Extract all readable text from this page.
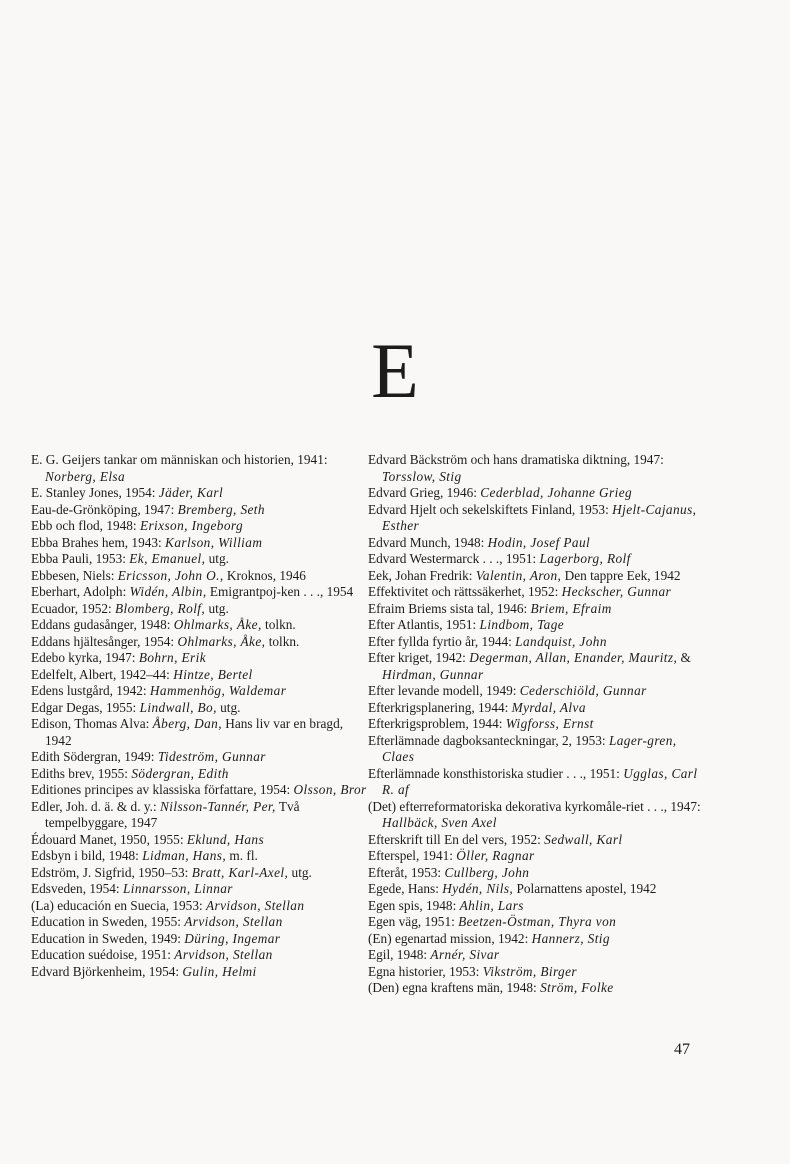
E

E. G. Geijers tankar om människan och historien, 1941: Norberg, Elsa

E. Stanley Jones, 1954: Jäder, Karl

Eau-de-Grönköping, 1947: Bremberg, Seth

Ebb och flod, 1948: Erixson, Ingeborg

Ebba Brahes hem, 1943: Karlson, William

Ebba Pauli, 1953: Ek, Emanuel, utg.

Ebbesen, Niels: Ericsson, John O., Kroknos, 1946

Eberhart, Adolph: Widén, Albin, Emigrantpoj-ken . . ., 1954

Ecuador, 1952: Blomberg, Rolf, utg.

Eddans gudasånger, 1948: Ohlmarks, Åke, tolkn.

Eddans hjältesånger, 1954: Ohlmarks, Åke, tolkn.

Edebo kyrka, 1947: Bohrn, Erik

Edelfelt, Albert, 1942–44: Hintze, Bertel

Edens lustgård, 1942: Hammenhög, Waldemar

Edgar Degas, 1955: Lindwall, Bo, utg.

Edison, Thomas Alva: Åberg, Dan, Hans liv var en bragd, 1942

Edith Södergran, 1949: Tideström, Gunnar

Ediths brev, 1955: Södergran, Edith

Editiones principes av klassiska författare, 1954: Olsson, Bror

Edler, Joh. d. ä. & d. y.: Nilsson-Tannér, Per, Två tempelbyggare, 1947

Édouard Manet, 1950, 1955: Eklund, Hans

Edsbyn i bild, 1948: Lidman, Hans, m. fl.

Edström, J. Sigfrid, 1950–53: Bratt, Karl-Axel, utg.

Edsveden, 1954: Linnarsson, Linnar

(La) educación en Suecia, 1953: Arvidson, Stellan

Education in Sweden, 1955: Arvidson, Stellan

Education in Sweden, 1949: Düring, Ingemar

Education suédoise, 1951: Arvidson, Stellan

Edvard Björkenheim, 1954: Gulin, Helmi

Edvard Bäckström och hans dramatiska diktning, 1947: Torsslow, Stig

Edvard Grieg, 1946: Cederblad, Johanne Grieg

Edvard Hjelt och sekelskiftets Finland, 1953: Hjelt-Cajanus, Esther

Edvard Munch, 1948: Hodin, Josef Paul

Edvard Westermarck . . ., 1951: Lagerborg, Rolf

Eek, Johan Fredrik: Valentin, Aron, Den tappre Eek, 1942

Effektivitet och rättssäkerhet, 1952: Heckscher, Gunnar

Efraim Briems sista tal, 1946: Briem, Efraim

Efter Atlantis, 1951: Lindbom, Tage

Efter fyllda fyrtio år, 1944: Landquist, John

Efter kriget, 1942: Degerman, Allan, Enander, Mauritz, & Hirdman, Gunnar

Efter levande modell, 1949: Cederschiöld, Gunnar

Efterkrigsplanering, 1944: Myrdal, Alva

Efterkrigsproblem, 1944: Wigforss, Ernst

Efterlämnade dagboksanteckningar, 2, 1953: Lager-gren, Claes

Efterlämnade konsthistoriska studier . . ., 1951: Ugglas, Carl R. af

(Det) efterreformatoriska dekorativa kyrkomåle-riet . . ., 1947: Hallbäck, Sven Axel

Efterskrift till En del vers, 1952: Sedwall, Karl

Efterspel, 1941: Öller, Ragnar

Efteråt, 1953: Cullberg, John

Egede, Hans: Hydén, Nils, Polarnattens apostel, 1942

Egen spis, 1948: Ahlin, Lars

Egen väg, 1951: Beetzen-Östman, Thyra von

(En) egenartad mission, 1942: Hannerz, Stig

Egil, 1948: Arnér, Sivar

Egna historier, 1953: Vikström, Birger

(Den) egna kraftens män, 1948: Ström, Folke

47
